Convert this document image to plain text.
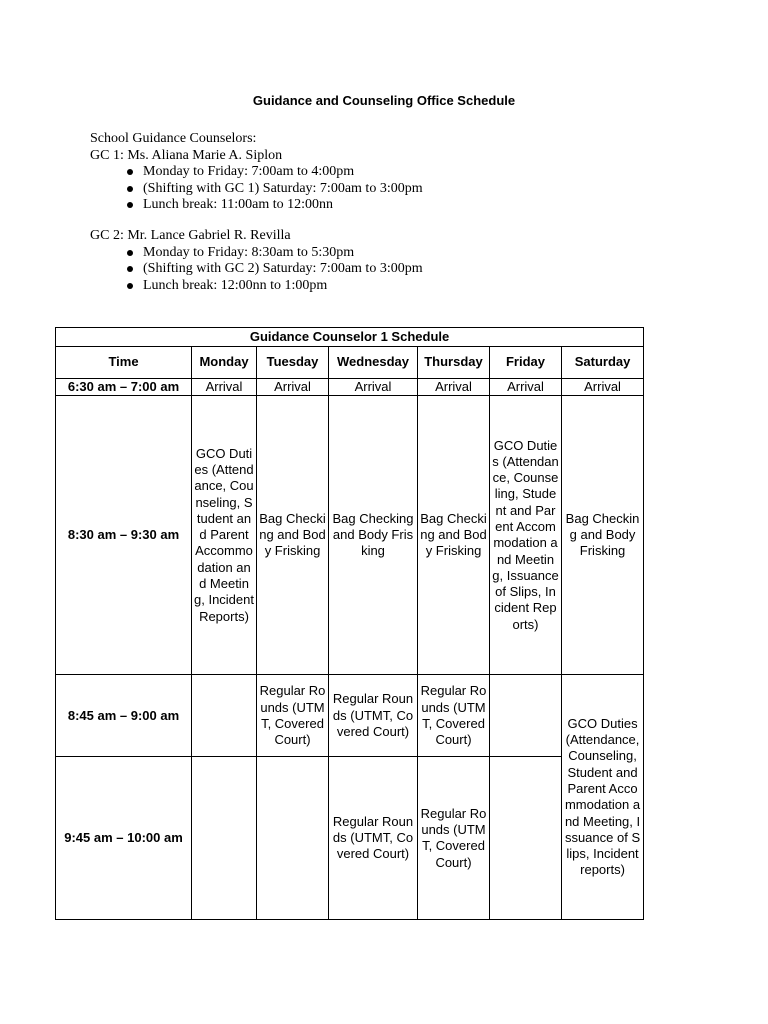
Guidance and Counseling Office Schedule
School Guidance Counselors:
GC 1: Ms. Aliana Marie A. Siplon
Monday to Friday: 7:00am to 4:00pm
(Shifting with GC 1) Saturday: 7:00am to 3:00pm
Lunch break: 11:00am to 12:00nn
GC 2: Mr. Lance Gabriel R. Revilla
Monday to Friday: 8:30am to 5:30pm
(Shifting with GC 2) Saturday: 7:00am to 3:00pm
Lunch break: 12:00nn to 1:00pm
Guidance Counselor 1 Schedule						
Time	Monday	Tuesday	Wednesday	Thursday	Friday	Saturday
6:30 am – 7:00 am	Arrival	Arrival	Arrival	Arrival	Arrival	Arrival
8:30 am – 9:30 am	GCO Duties (Attendance, Counseling, Student and Parent Accommodation and Meeting, Incident Reports)	Bag Checking and Body Frisking	Bag Checking and Body Frisking	Bag Checking and Body Frisking	GCO Duties (Attendance, Counseling, Student and Parent Accommodation and Meeting, Issuance of Slips, Incident Reports)	Bag Checking and Body Frisking
8:45 am – 9:00 am		Regular Rounds (UTMT, Covered Court)	Regular Rounds (UTMT, Covered Court)	Regular Rounds (UTMT, Covered Court)		GCO Duties (Attendance, Counseling, Student and Parent Accommodation and Meeting, Issuance of Slips, Incident reports)
9:45 am – 10:00 am			Regular Rounds (UTMT, Covered Court)	Regular Rounds (UTMT, Covered Court)		
